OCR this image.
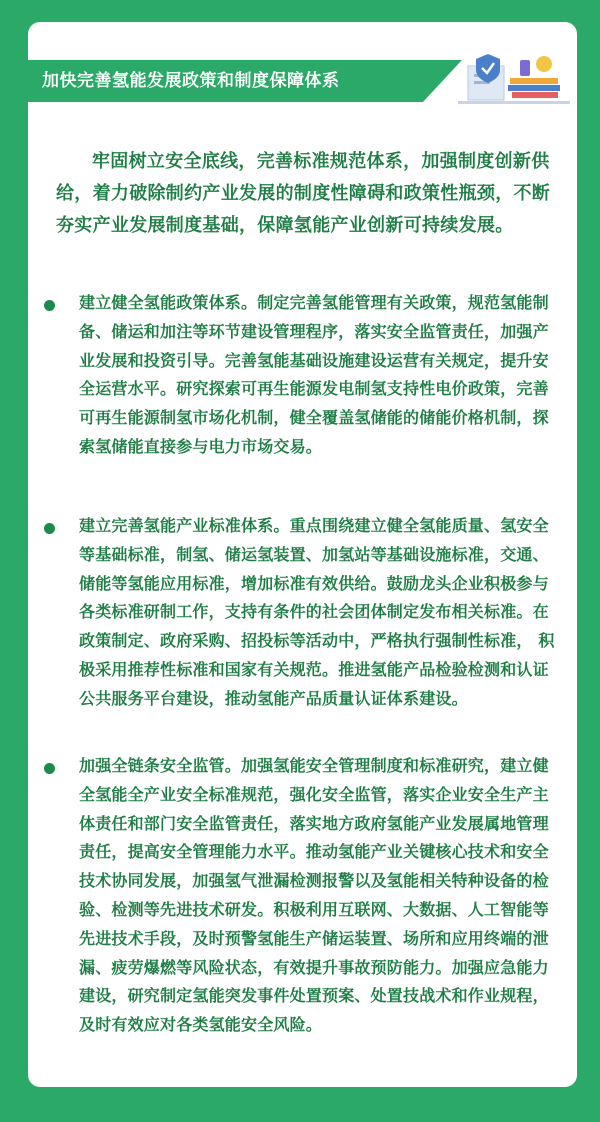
加快完善氢能发展政策和制度保障体系
牢固树立安全底线，完善标准规范体系，加强制度创新供给，着力破除制约产业发展的制度性障碍和政策性瓶颈，不断夯实产业发展制度基础，保障氢能产业创新可持续发展。
建立健全氢能政策体系。制定完善氢能管理有关政策，规范氢能制备、储运和加注等环节建设管理程序，落实安全监管责任，加强产业发展和投资引导。完善氢能基础设施建设运营有关规定，提升安全运营水平。研究探索可再生能源发电制氢支持性电价政策，完善可再生能源制氢市场化机制，健全覆盖氢储能的储能价格机制，探索氢储能直接参与电力市场交易。
建立完善氢能产业标准体系。重点围绕建立健全氢能质量、氢安全等基础标准，制氢、储运氢装置、加氢站等基础设施标准，交通、储能等氢能应用标准，增加标准有效供给。鼓励龙头企业积极参与各类标准研制工作，支持有条件的社会团体制定发布相关标准。在政策制定、政府采购、招投标等活动中，严格执行强制性标准， 积极采用推荐性标准和国家有关规范。推进氢能产品检验检测和认证公共服务平台建设，推动氢能产品质量认证体系建设。
加强全链条安全监管。加强氢能安全管理制度和标准研究，建立健全氢能全产业安全标准规范，强化安全监管，落实企业安全生产主体责任和部门安全监管责任，落实地方政府氢能产业发展属地管理责任，提高安全管理能力水平。推动氢能产业关键核心技术和安全技术协同发展，加强氢气泄漏检测报警以及氢能相关特种设备的检验、检测等先进技术研发。积极利用互联网、大数据、人工智能等先进技术手段，及时预警氢能生产储运装置、场所和应用终端的泄漏、疲劳爆燃等风险状态，有效提升事故预防能力。加强应急能力建设，研究制定氢能突发事件处置预案、处置技战术和作业规程，及时有效应对各类氢能安全风险。
